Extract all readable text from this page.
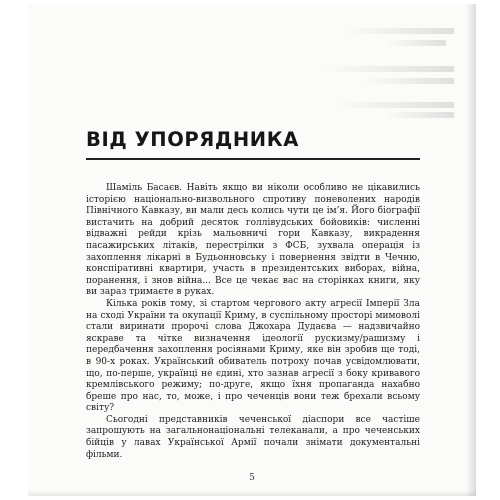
ВІД УПОРЯДНИКА

Шаміль Басаєв. Навіть якщо ви ніколи особливо не цікавились історією національно-визвольного спротиву поневолених народів Північного Кавказу, ви мали десь колись чути це ім’я. Його біографії вистачить на добрий десяток голлівудських бойовиків: численні відважні рейди крізь мальовничі гори Кавказу, викрадення пасажирських літаків, перестрілки з ФСБ, зухвала операція із захоплення лікарні в Будьонновську і повернення звідти в Чечню, конспіративні квартири, участь в президентських виборах, війна, поранення, і знов війна... Все це чекає вас на сторінках книги, яку ви зараз тримаєте в руках.

Кілька років тому, зі стартом чергового акту агресії Імперії Зла на сході України та окупації Криму, в суспільному просторі мимоволі стали виринати пророчі слова Джохара Дудаєва — надзвичайно яскраве та чітке визначення ідеології рускизму/рашизму і передбачення захоплення росіянами Криму, яке він зробив ще тоді, в 90-х роках. Український обиватель потроху почав усвідомлювати, що, по-перше, українці не єдині, хто зазнав агресії з боку кривавого кремлівського режиму; по-друге, якщо їхня пропаганда нахабно бреше про нас, то, може, і про чеченців вони теж брехали всьому світу?

Сьогодні представників чеченської діаспори все частіше запрошують на загальнонаціональні телеканали, а про чеченських бійців у лавах Української Армії почали знімати документальні фільми.

5
